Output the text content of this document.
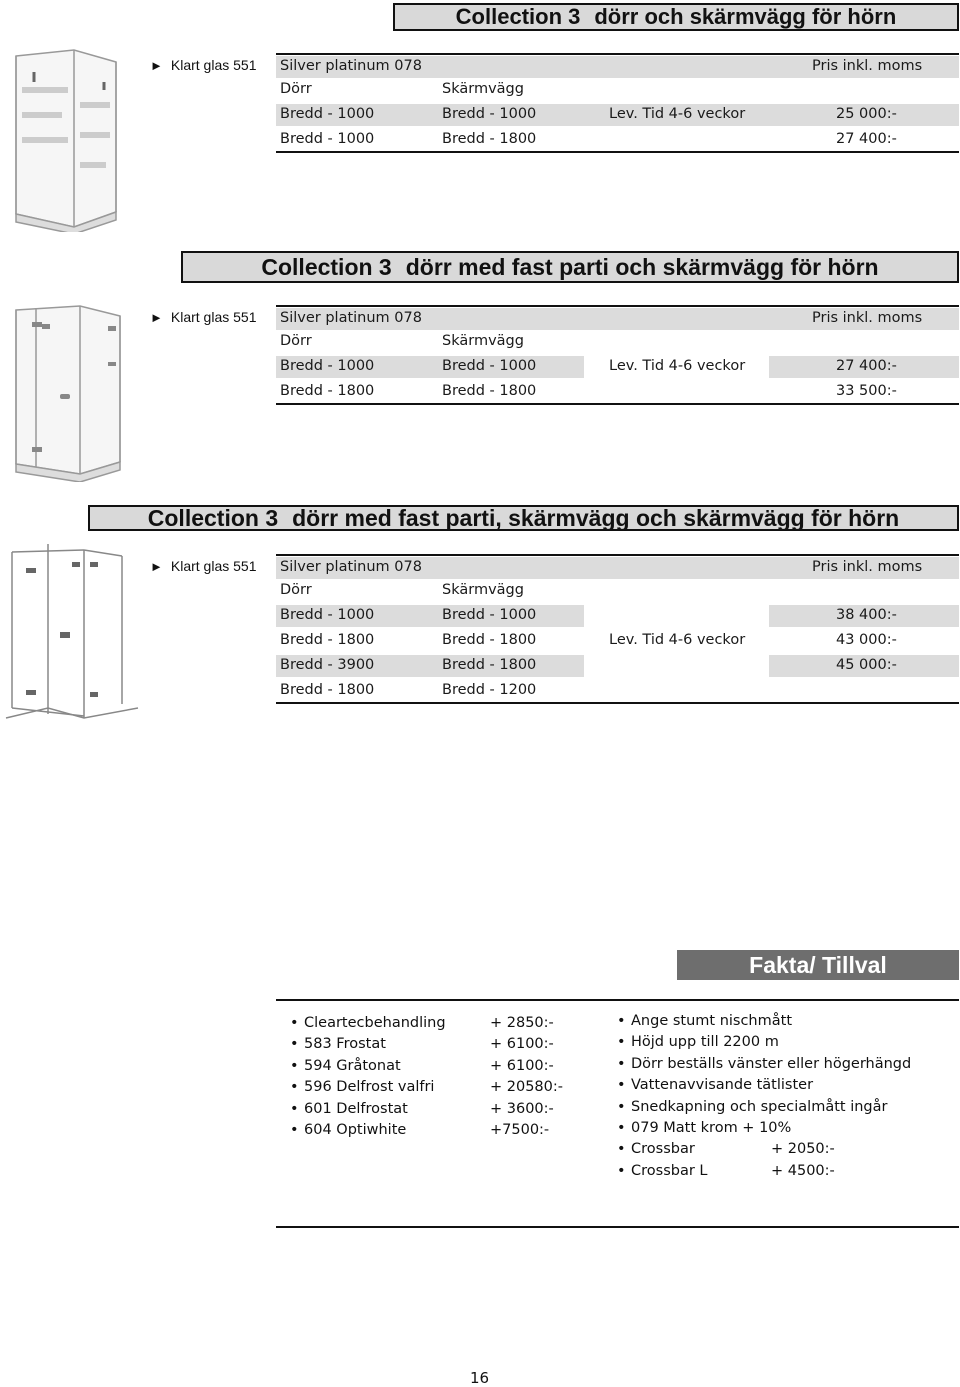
Collection 3 dörr och skärmvägg för hörn
► Klart glas 551 Silver platinum 078	Pris inkl. moms
Dörr	Skärmvägg
Bredd - 1000	Bredd - 1000	Lev. Tid 4-6 veckor	25 000:-
Bredd - 1000	Bredd - 1800	27 400:-
Collection 3 dörr med fast parti och skärmvägg för hörn
► Klart glas 551 Silver platinum 078	Pris inkl. moms
Dörr	Skärmvägg
Bredd - 1000	Bredd - 1000	Lev. Tid 4-6 veckor	27 400:-
Bredd - 1800	Bredd - 1800	33 500:-
Collection 3 dörr med fast parti, skärmvägg och skärmvägg för hörn
► Klart glas 551 Silver platinum 078	Pris inkl. moms
Dörr	Skärmvägg
Bredd - 1000	Bredd - 1000	38 400:-
Bredd - 1800	Bredd - 1800	Lev. Tid 4-6 veckor	43 000:-
Bredd - 3900	Bredd - 1800	45 000:-
Bredd - 1800	Bredd - 1200
Fakta/ Tillval
• Cleartecbehandling	+ 2850:-
• 583 Frostat	+ 6100:-
• 594 Gråtonat	+ 6100:-
• 596 Delfrost valfri	+ 20580:-
• 601 Delfrostat	+ 3600:-
• 604 Optiwhite	+7500:-
• Ange stumt nischmått
• Höjd upp till 2200 m
• Dörr beställs vänster eller högerhängd
• Vattenavvisande tätlister
• Snedkapning och specialmått ingår
• 079 Matt krom + 10%
• Crossbar	+ 2050:-
• Crossbar L	+ 4500:-
16
